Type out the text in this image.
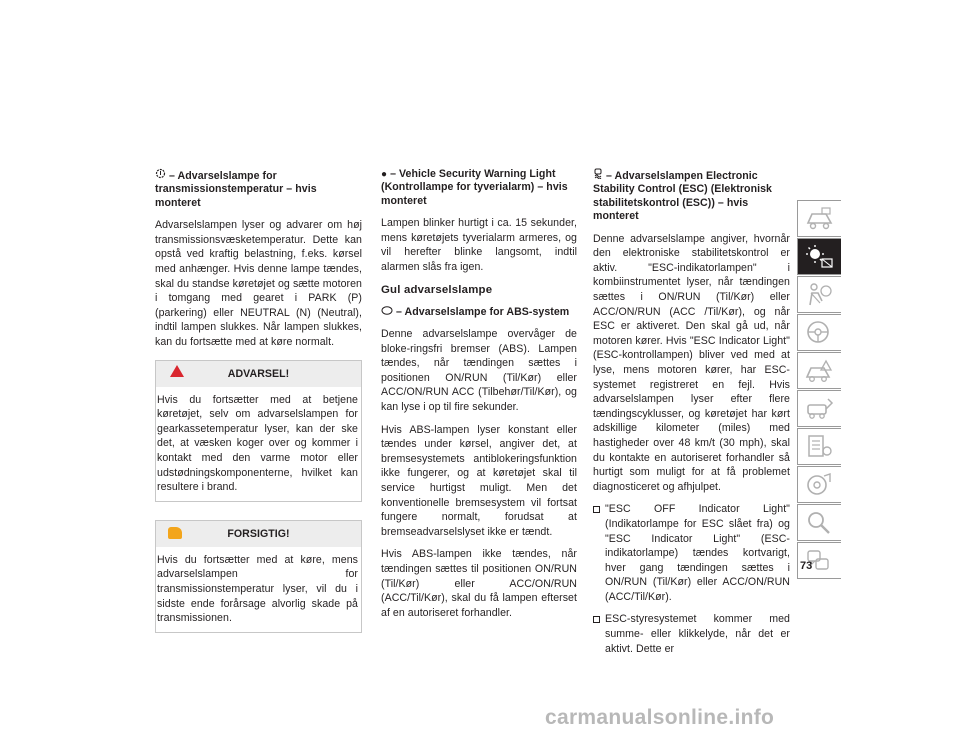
– Advarselslampe for transmissionstemperatur – hvis monteret

Advarselslampen lyser og advarer om høj transmissionsvæsketemperatur. Dette kan opstå ved kraftig belastning, f.eks. kørsel med anhænger. Hvis denne lampe tændes, skal du standse køretøjet og sætte motoren i tomgang med gearet i PARK (P) (parkering) eller NEUTRAL (N) (Neutral), indtil lampen slukkes. Når lampen slukkes, kan du fortsætte med at køre normalt.

ADVARSEL!
Hvis du fortsætter med at betjene køretøjet, selv om advarselslampen for gearkassetemperatur lyser, kan der ske det, at væsken koger over og kommer i kontakt med den varme motor eller udstødningskomponenterne, hvilket kan resultere i brand.
FORSIGTIG!
Hvis du fortsætter med at køre, mens advarselslampen for transmissionstemperatur lyser, vil du i sidste ende forårsage alvorlig skade på transmissionen.
● – Vehicle Security Warning Light (Kontrollampe for tyverialarm) – hvis monteret

Lampen blinker hurtigt i ca. 15 sekunder, mens køretøjets tyverialarm armeres, og vil herefter blinke langsomt, indtil alarmen slås fra igen.

Gul advarselslampe
– Advarselslampe for ABS-system

Denne advarselslampe overvåger de bloke-ringsfri bremser (ABS). Lampen tændes, når tændingen sættes i positionen ON/RUN (Til/Kør) eller ACC/ON/RUN ACC (Tilbehør/Til/Kør), og kan lyse i op til fire sekunder.

Hvis ABS-lampen lyser konstant eller tændes under kørsel, angiver det, at bremsesystemets antiblokeringsfunktion ikke fungerer, og at køretøjet skal til service hurtigst muligt. Men det konventionelle bremsesystem vil fortsat fungere normalt, forudsat at bremseadvarselslyset ikke er tændt.

Hvis ABS-lampen ikke tændes, når tændingen sættes til positionen ON/RUN (Til/Kør) eller ACC/ON/RUN (ACC/Til/Kør), skal du få lampen efterset af en autoriseret forhandler.

– Advarselslampen Electronic Stability Control (ESC) (Elektronisk stabilitetskontrol (ESC)) – hvis monteret

Denne advarselslampe angiver, hvornår den elektroniske stabilitetskontrol er aktiv. "ESC-indikatorlampen" i kombiinstrumentet lyser, når tændingen sættes i ON/RUN (Til/Kør) eller ACC/ON/RUN (ACC /Til/Kør), og når ESC er aktiveret. Den skal gå ud, når motoren kører. Hvis "ESC Indicator Light" (ESC-kontrollampen) bliver ved med at lyse, mens motoren kører, har ESC-systemet registreret en fejl. Hvis advarselslampen lyser efter flere tændingscyklusser, og køretøjet har kørt adskillige kilometer (miles) med hastigheder over 48 km/t (30 mph), skal du kontakte en autoriseret forhandler så hurtigt som muligt for at få problemet diagnosticeret og afhjulpet.

"ESC OFF Indicator Light" (Indikatorlampe for ESC slået fra) og "ESC Indicator Light" (ESC-indikatorlampe) tændes kortvarigt, hver gang tændingen sættes i ON/RUN (Til/Kør) eller ACC/ON/RUN (ACC/Til/Kør).
ESC-styresystemet kommer med summe- eller klikkelyde, når det er aktivt. Dette er
73
carmanualsonline.info
